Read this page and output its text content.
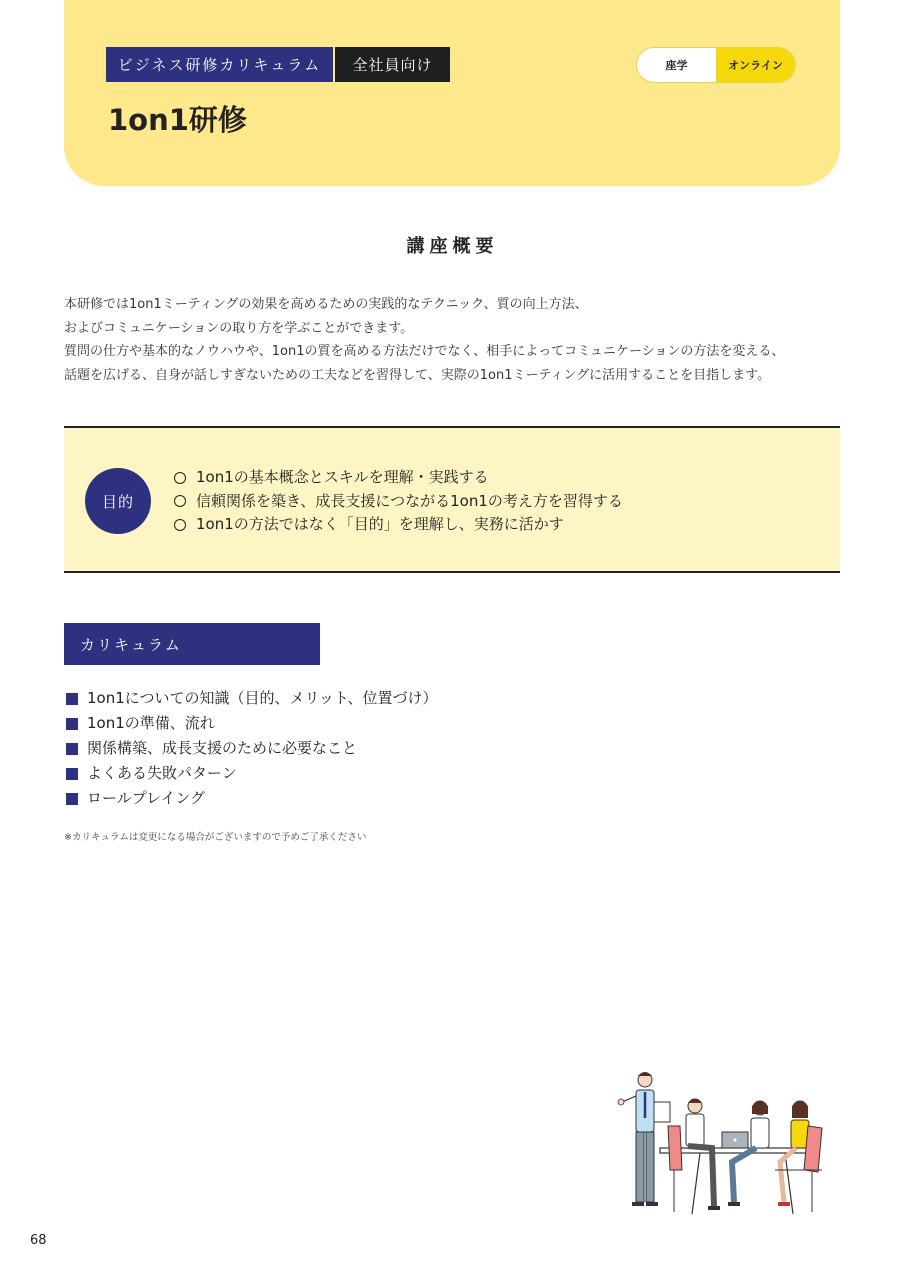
ビジネス研修カリキュラム	全社員向け
1on1研修
座学	オンライン
講座概要

本研修では1on1ミーティングの効果を高めるための実践的なテクニック、質の向上方法、

およびコミュニケーションの取り方を学ぶことができます。

質問の仕方や基本的なノウハウや、1on1の質を高める方法だけでなく、相手によってコミュニケーションの方法を変える、

話題を広げる、自身が話しすぎないための工夫などを習得して、実際の1on1ミーティングに活用することを目指します。

目的
1on1の基本概念とスキルを理解・実践する
信頼関係を築き、成長支援につながる1on1の考え方を習得する
1on1の方法ではなく「目的」を理解し、実務に活かす
カリキュラム
1on1についての知識（目的、メリット、位置づけ）
1on1の準備、流れ
関係構築、成長支援のために必要なこと
よくある失敗パターン
ロールプレイング
※カリキュラムは変更になる場合がございますので予めご了承ください
68
